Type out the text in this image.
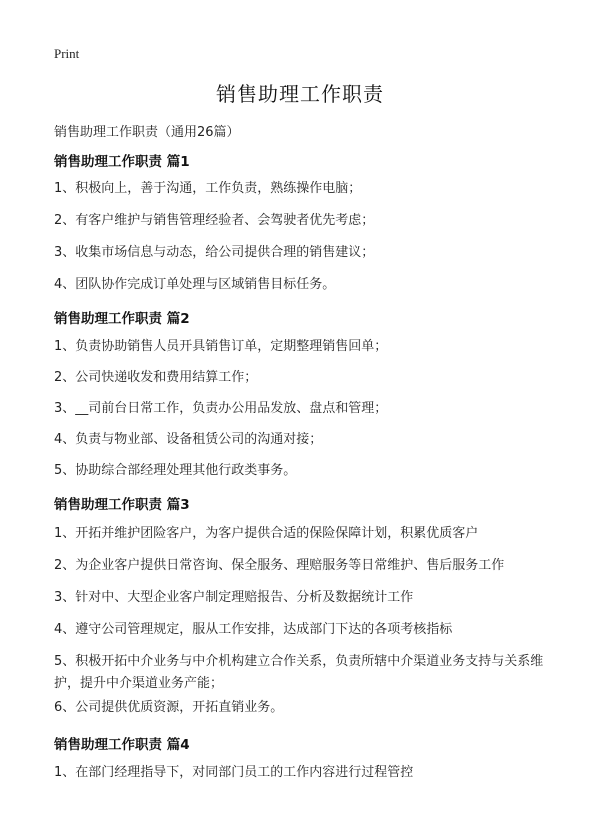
Print
销售助理工作职责
销售助理工作职责（通用26篇）
销售助理工作职责 篇1
1、积极向上，善于沟通，工作负责，熟练操作电脑；
2、有客户维护与销售管理经验者、会驾驶者优先考虑；
3、收集市场信息与动态，给公司提供合理的销售建议；
4、团队协作完成订单处理与区域销售目标任务。
销售助理工作职责 篇2
1、负责协助销售人员开具销售订单，定期整理销售回单；
2、公司快递收发和费用结算工作；
3、__司前台日常工作，负责办公用品发放、盘点和管理；
4、负责与物业部、设备租赁公司的沟通对接；
5、协助综合部经理处理其他行政类事务。
销售助理工作职责 篇3
1、开拓并维护团险客户，为客户提供合适的保险保障计划，积累优质客户
2、为企业客户提供日常咨询、保全服务、理赔服务等日常维护、售后服务工作
3、针对中、大型企业客户制定理赔报告、分析及数据统计工作
4、遵守公司管理规定，服从工作安排，达成部门下达的各项考核指标
5、积极开拓中介业务与中介机构建立合作关系，负责所辖中介渠道业务支持与关系维护，提升中介渠道业务产能；
6、公司提供优质资源，开拓直销业务。
销售助理工作职责 篇4
1、在部门经理指导下，对同部门员工的工作内容进行过程管控
